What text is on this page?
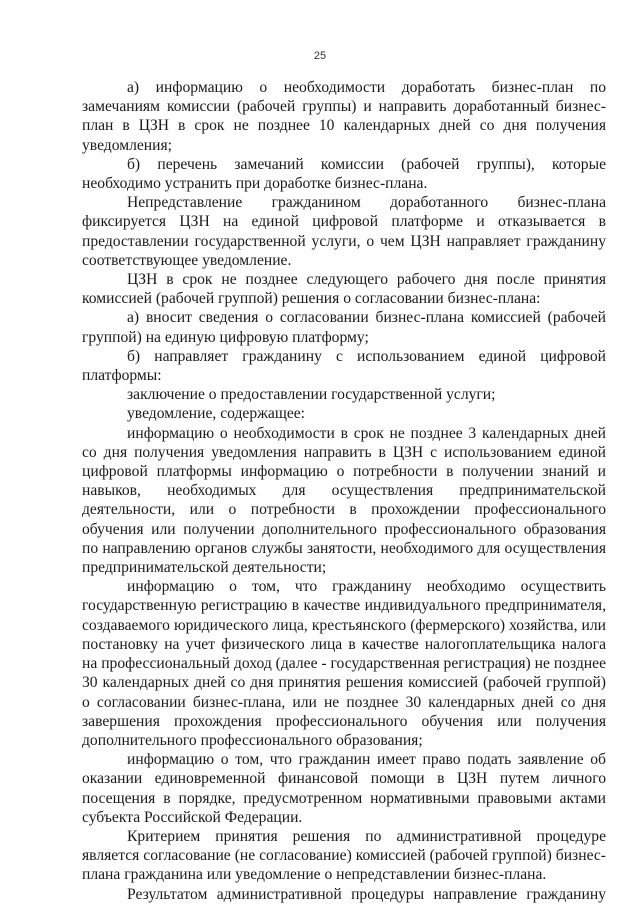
25

а) информацию о необходимости доработать бизнес-план по замечаниям комиссии (рабочей группы) и направить доработанный бизнес-план в ЦЗН в срок не позднее 10 календарных дней со дня получения уведомления;

б) перечень замечаний комиссии (рабочей группы), которые необходимо устранить при доработке бизнес-плана.

Непредставление гражданином доработанного бизнес-плана фиксируется ЦЗН на единой цифровой платформе и отказывается в предоставлении государственной услуги, о чем ЦЗН направляет гражданину соответствующее уведомление.

ЦЗН в срок не позднее следующего рабочего дня после принятия комиссией (рабочей группой) решения о согласовании бизнес-плана:

а) вносит сведения о согласовании бизнес-плана комиссией (рабочей группой) на единую цифровую платформу;

б) направляет гражданину с использованием единой цифровой платформы:

заключение о предоставлении государственной услуги;

уведомление, содержащее:

информацию о необходимости в срок не позднее 3 календарных дней со дня получения уведомления направить в ЦЗН с использованием единой цифровой платформы информацию о потребности в получении знаний и навыков, необходимых для осуществления предпринимательской деятельности, или о потребности в прохождении профессионального обучения или получении дополнительного профессионального образования по направлению органов службы занятости, необходимого для осуществления предпринимательской деятельности;

информацию о том, что гражданину необходимо осуществить государственную регистрацию в качестве индивидуального предпринимателя, создаваемого юридического лица, крестьянского (фермерского) хозяйства, или постановку на учет физического лица в качестве налогоплательщика налога на профессиональный доход (далее - государственная регистрация) не позднее 30 календарных дней со дня принятия решения комиссией (рабочей группой) о согласовании бизнес-плана, или не позднее 30 календарных дней со дня завершения прохождения профессионального обучения или получения дополнительного профессионального образования;

информацию о том, что гражданин имеет право подать заявление об оказании единовременной финансовой помощи в ЦЗН путем личного посещения в порядке, предусмотренном нормативными правовыми актами субъекта Российской Федерации.

Критерием принятия решения по административной процедуре является согласование (не согласование) комиссией (рабочей группой) бизнес-плана гражданина или уведомление о непредставлении бизнес-плана.

Результатом административной процедуры направление гражданину
